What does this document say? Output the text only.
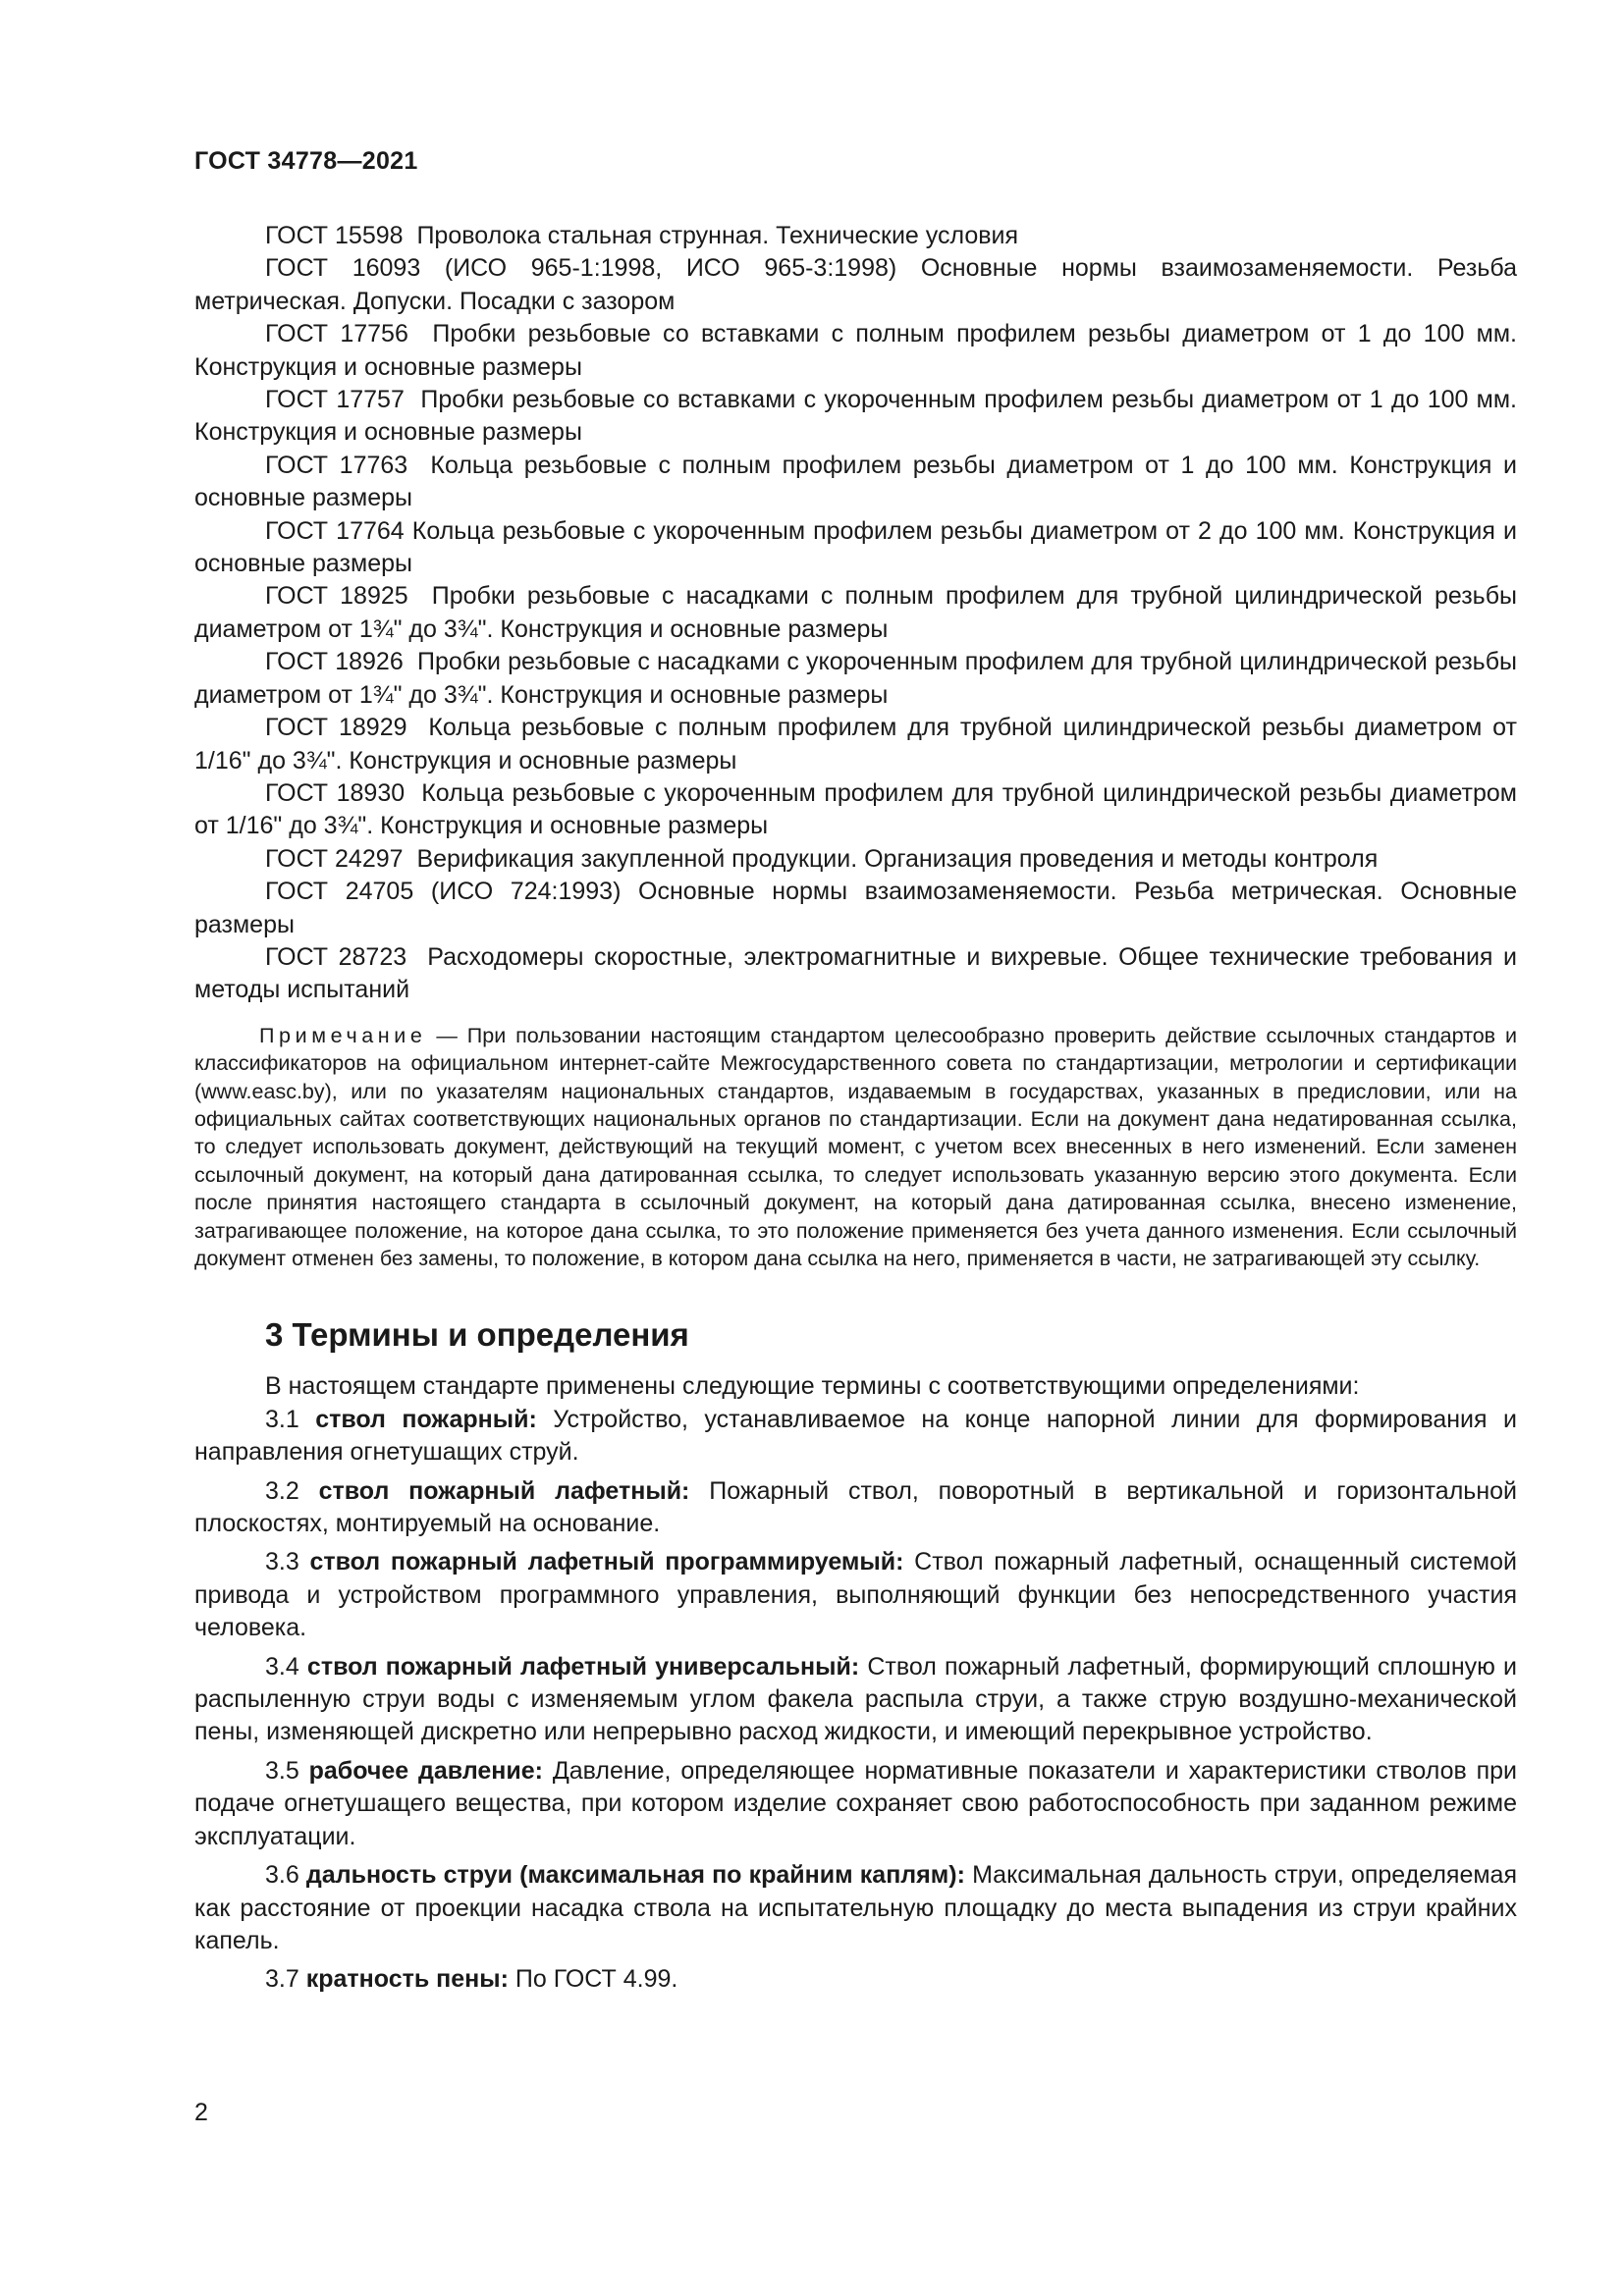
ГОСТ 34778—2021

ГОСТ 15598 Проволока стальная струнная. Технические условия

ГОСТ 16093 (ИСО 965-1:1998, ИСО 965-3:1998) Основные нормы взаимозаменяемости. Резьба метрическая. Допуски. Посадки с зазором

ГОСТ 17756 Пробки резьбовые со вставками с полным профилем резьбы диаметром от 1 до 100 мм. Конструкция и основные размеры

ГОСТ 17757 Пробки резьбовые со вставками с укороченным профилем резьбы диаметром от 1 до 100 мм. Конструкция и основные размеры

ГОСТ 17763 Кольца резьбовые с полным профилем резьбы диаметром от 1 до 100 мм. Конструкция и основные размеры

ГОСТ 17764 Кольца резьбовые с укороченным профилем резьбы диаметром от 2 до 100 мм. Конструкция и основные размеры

ГОСТ 18925 Пробки резьбовые с насадками с полным профилем для трубной цилиндрической резьбы диаметром от 1¾" до 3¾". Конструкция и основные размеры

ГОСТ 18926 Пробки резьбовые с насадками с укороченным профилем для трубной цилиндрической резьбы диаметром от 1¾" до 3¾". Конструкция и основные размеры

ГОСТ 18929 Кольца резьбовые с полным профилем для трубной цилиндрической резьбы диаметром от 1/16" до 3¾". Конструкция и основные размеры

ГОСТ 18930 Кольца резьбовые с укороченным профилем для трубной цилиндрической резьбы диаметром от 1/16" до 3¾". Конструкция и основные размеры

ГОСТ 24297 Верификация закупленной продукции. Организация проведения и методы контроля

ГОСТ 24705 (ИСО 724:1993) Основные нормы взаимозаменяемости. Резьба метрическая. Основные размеры

ГОСТ 28723 Расходомеры скоростные, электромагнитные и вихревые. Общее технические требования и методы испытаний

Примечание — При пользовании настоящим стандартом целесообразно проверить действие ссылочных стандартов и классификаторов на официальном интернет-сайте Межгосударственного совета по стандартизации, метрологии и сертификации (www.easc.by), или по указателям национальных стандартов, издаваемым в государствах, указанных в предисловии, или на официальных сайтах соответствующих национальных органов по стандартизации. Если на документ дана недатированная ссылка, то следует использовать документ, действующий на текущий момент, с учетом всех внесенных в него изменений. Если заменен ссылочный документ, на который дана датированная ссылка, то следует использовать указанную версию этого документа. Если после принятия настоящего стандарта в ссылочный документ, на который дана датированная ссылка, внесено изменение, затрагивающее положение, на которое дана ссылка, то это положение применяется без учета данного изменения. Если ссылочный документ отменен без замены, то положение, в котором дана ссылка на него, применяется в части, не затрагивающей эту ссылку.

3 Термины и определения

В настоящем стандарте применены следующие термины с соответствующими определениями:

3.1 ствол пожарный: Устройство, устанавливаемое на конце напорной линии для формирования и направления огнетушащих струй.

3.2 ствол пожарный лафетный: Пожарный ствол, поворотный в вертикальной и горизонтальной плоскостях, монтируемый на основание.

3.3 ствол пожарный лафетный программируемый: Ствол пожарный лафетный, оснащенный системой привода и устройством программного управления, выполняющий функции без непосредственного участия человека.

3.4 ствол пожарный лафетный универсальный: Ствол пожарный лафетный, формирующий сплошную и распыленную струи воды с изменяемым углом факела распыла струи, а также струю воздушно-механической пены, изменяющей дискретно или непрерывно расход жидкости, и имеющий перекрывное устройство.

3.5 рабочее давление: Давление, определяющее нормативные показатели и характеристики стволов при подаче огнетушащего вещества, при котором изделие сохраняет свою работоспособность при заданном режиме эксплуатации.

3.6 дальность струи (максимальная по крайним каплям): Максимальная дальность струи, определяемая как расстояние от проекции насадка ствола на испытательную площадку до места выпадения из струи крайних капель.

3.7 кратность пены: По ГОСТ 4.99.

2
